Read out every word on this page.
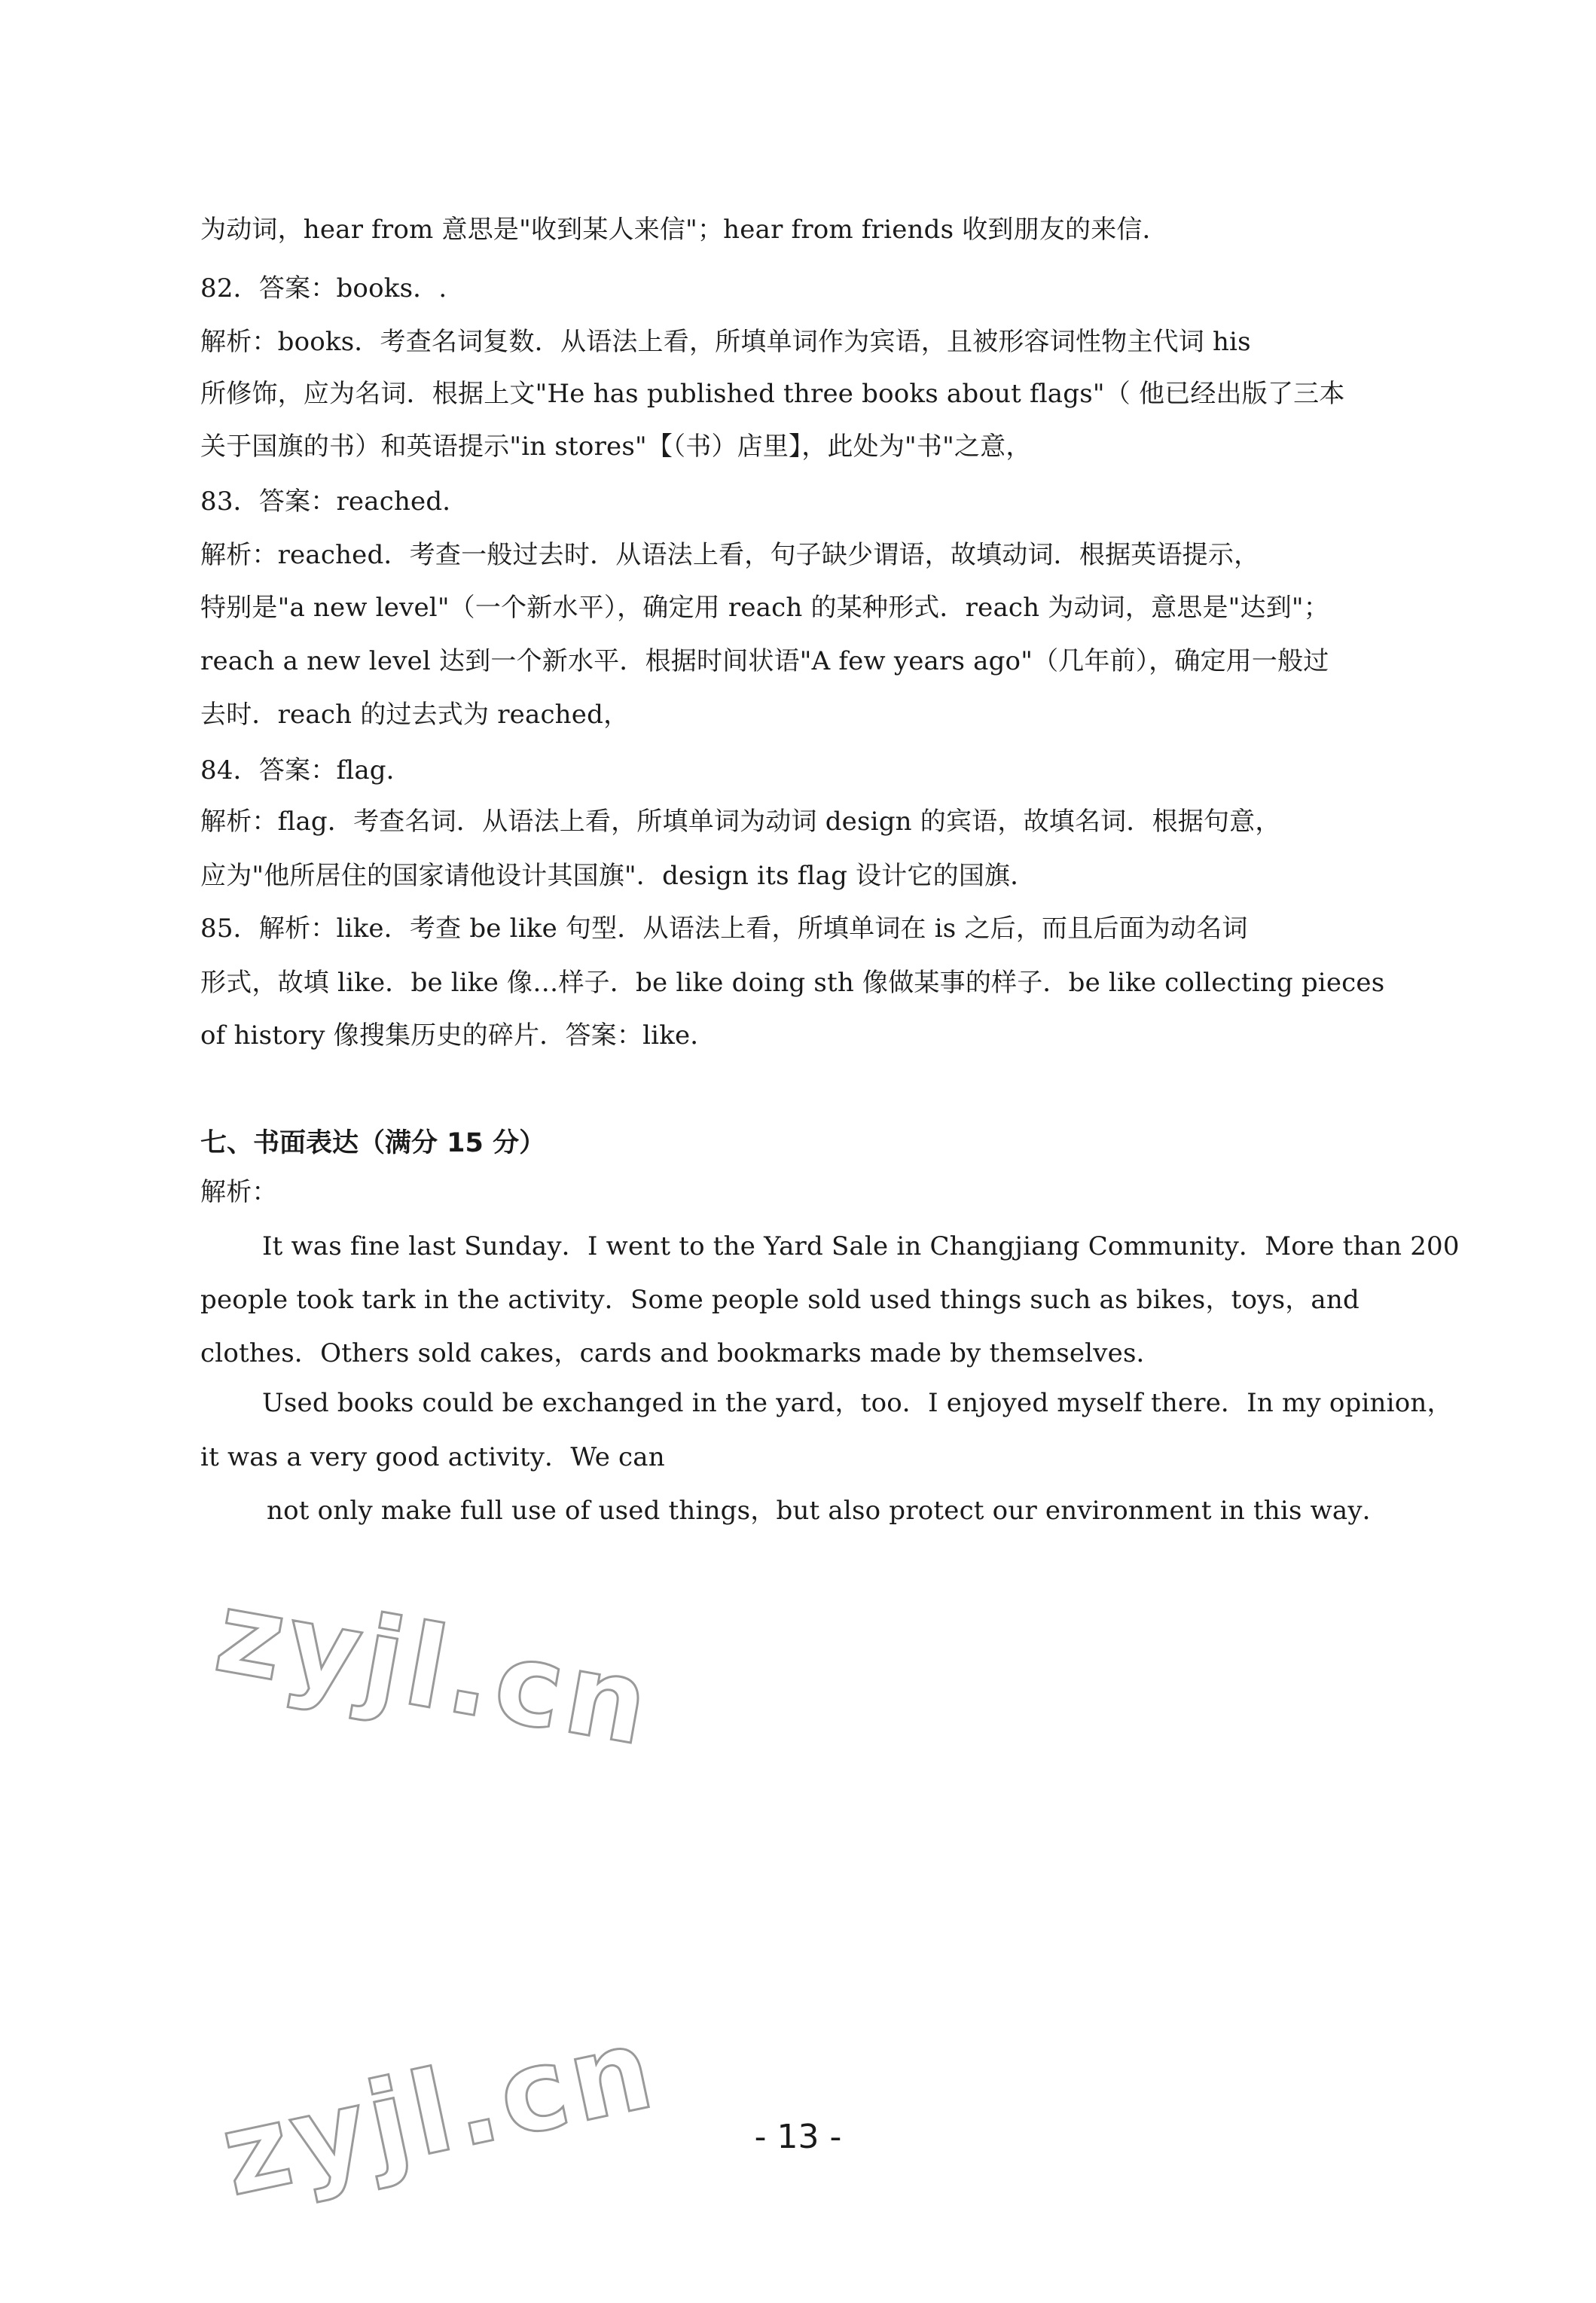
为动词，hear from 意思是"收到某人来信"；hear from friends 收到朋友的来信．
82．答案：books．.
解析：books．考查名词复数．从语法上看，所填单词作为宾语，且被形容词性物主代词 his
所修饰，应为名词．根据上文"He has published three books about flags"（ 他已经出版了三本
关于国旗的书）和英语提示"in stores"【（书）店里】，此处为"书"之意，
83．答案：reached．
解析：reached．考查一般过去时．从语法上看，句子缺少谓语，故填动词．根据英语提示，
特别是"a new level"（一个新水平），确定用 reach 的某种形式．reach 为动词，意思是"达到"；
reach a new level 达到一个新水平．根据时间状语"A few years ago"（几年前），确定用一般过
去时．reach 的过去式为 reached，
84．答案：flag．
解析：flag．考查名词．从语法上看，所填单词为动词 design 的宾语，故填名词．根据句意，
应为"他所居住的国家请他设计其国旗"．design its flag 设计它的国旗．
85．解析：like．考查 be like 句型．从语法上看，所填单词在 is 之后，而且后面为动名词
形式，故填 like．be like 像…样子．be like doing sth 像做某事的样子．be like collecting pieces
of history 像搜集历史的碎片．答案：like．
七、书面表达（满分 15 分）
解析：
It was fine last Sunday．I went to the Yard Sale in Changjiang Community．More than 200
people took tark in the activity．Some people sold used things such as bikes，toys，and
clothes．Others sold cakes，cards and bookmarks made by themselves．
Used books could be exchanged in the yard，too．I enjoyed myself there．In my opinion，
it was a very good activity．We can
not only make full use of used things，but also protect our environment in this way．
zyjl.cn
zyjl.cn	- 13 -
